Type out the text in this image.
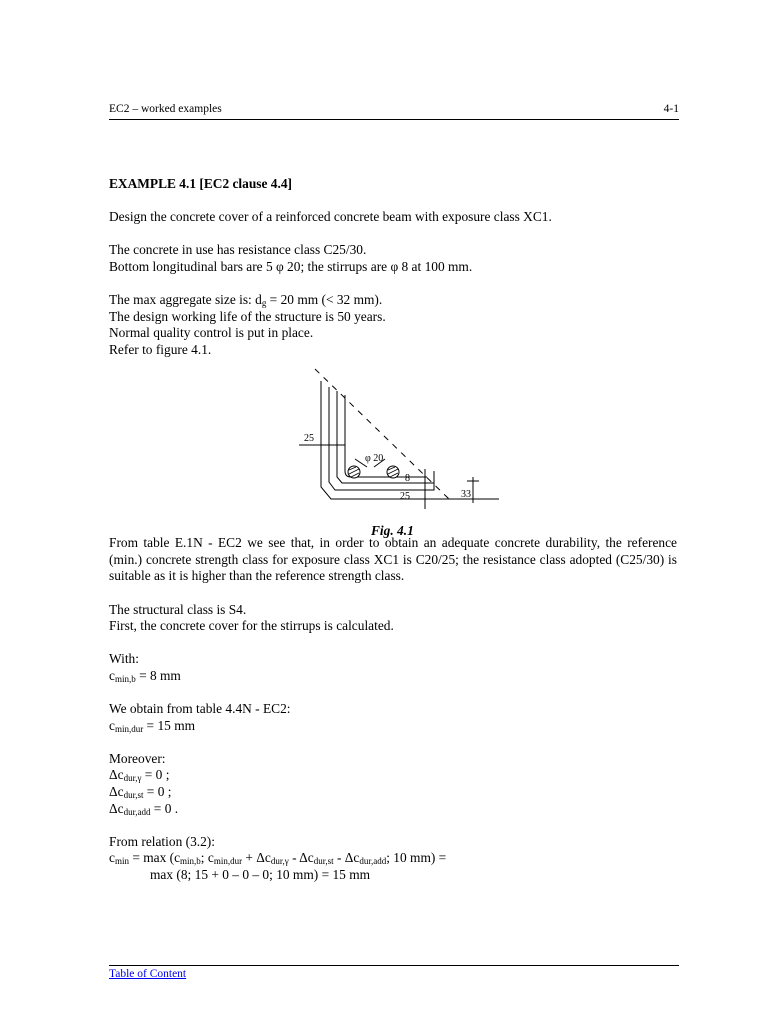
EC2 – worked examples	4-1

EXAMPLE 4.1 [EC2 clause 4.4]

Design the concrete cover of a reinforced concrete beam with exposure class XC1.

The concrete in use has resistance class C25/30.

Bottom longitudinal bars are 5 φ 20; the stirrups are φ 8 at 100 mm.

The max aggregate size is: $d_g = 20$ mm (< 32 mm).

The design working life of the structure is 50 years.

Normal quality control is put in place.

Refer to figure 4.1.

25
φ 20
8
25	33
Fig. 4.1

From table E.1N - EC2 we see that, in order to obtain an adequate concrete durability, the reference (min.) concrete strength class for exposure class XC1 is C20/25; the resistance class adopted (C25/30) is suitable as it is higher than the reference strength class.

The structural class is S4.

First, the concrete cover for the stirrups is calculated.

With:

$c_{min,b} = 8$ mm

We obtain from table 4.4N - EC2:

$c_{min,dur} = 15$ mm

Moreover:

$\Delta c_{dur,\gamma} = 0$ ;

$\Delta c_{dur,st} = 0$ ;

$\Delta c_{dur,add} = 0$ .

From relation (3.2):

$c_{min} = \max (c_{min,b}$; $c_{min,dur} + \Delta c_{dur,\gamma} - \Delta c_{dur,st} - \Delta c_{dur,add}$; 10 mm) =

max (8; 15 + 0 – 0 – 0; 10 mm) = 15 mm

Table of Content
